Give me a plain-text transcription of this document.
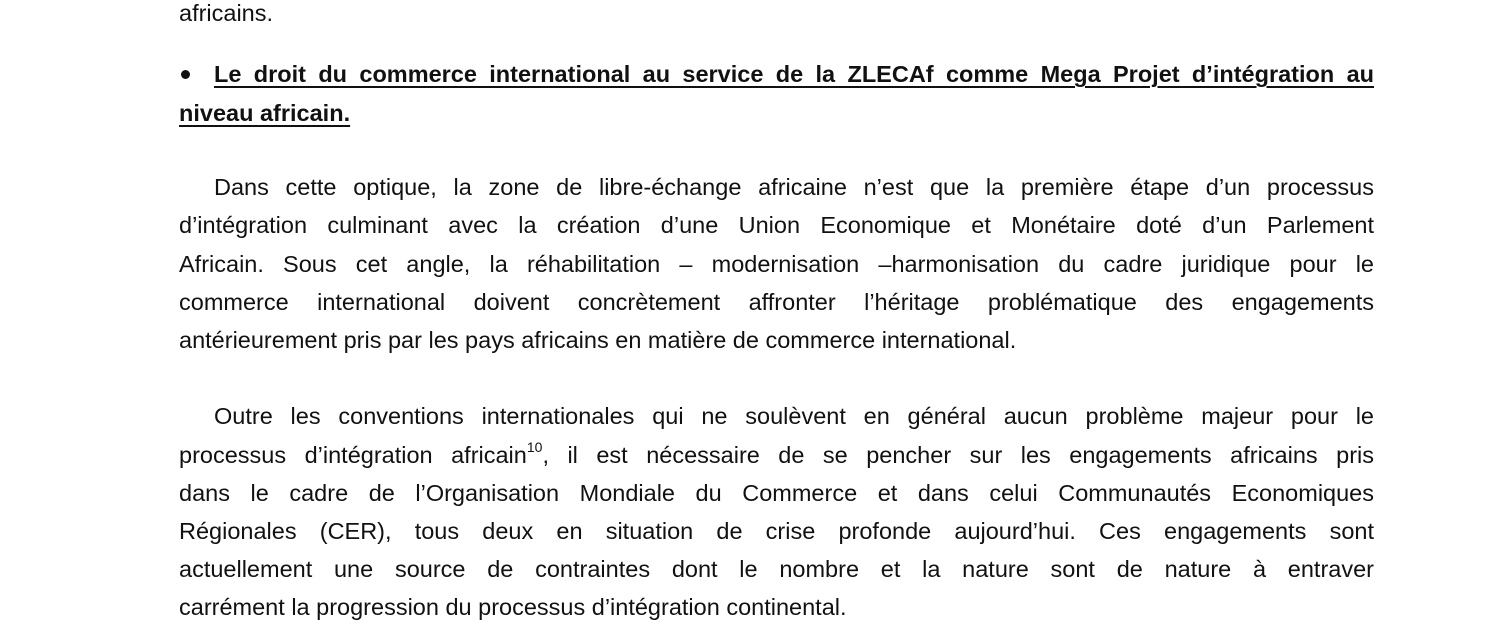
africains.
Le droit du commerce international au service de la ZLECAf comme Mega Projet d’intégration au
niveau africain.
Dans cette optique, la zone de libre-échange africaine n’est que la première étape d’un processus
d’intégration culminant avec la création d’une Union Economique et Monétaire doté d’un Parlement
Africain. Sous cet angle, la réhabilitation – modernisation –harmonisation du cadre juridique pour le
commerce international doivent concrètement affronter l’héritage problématique des engagements
antérieurement pris par les pays africains en matière de commerce international.
Outre les conventions internationales qui ne soulèvent en général aucun problème majeur pour le
processus d’intégration africain$^{10}$, il est nécessaire de se pencher sur les engagements africains pris
dans le cadre de l’Organisation Mondiale du Commerce et dans celui Communautés Economiques
Régionales (CER), tous deux en situation de crise profonde aujourd’hui. Ces engagements sont
actuellement une source de contraintes dont le nombre et la nature sont de nature à entraver
carrément la progression du processus d’intégration continental.
